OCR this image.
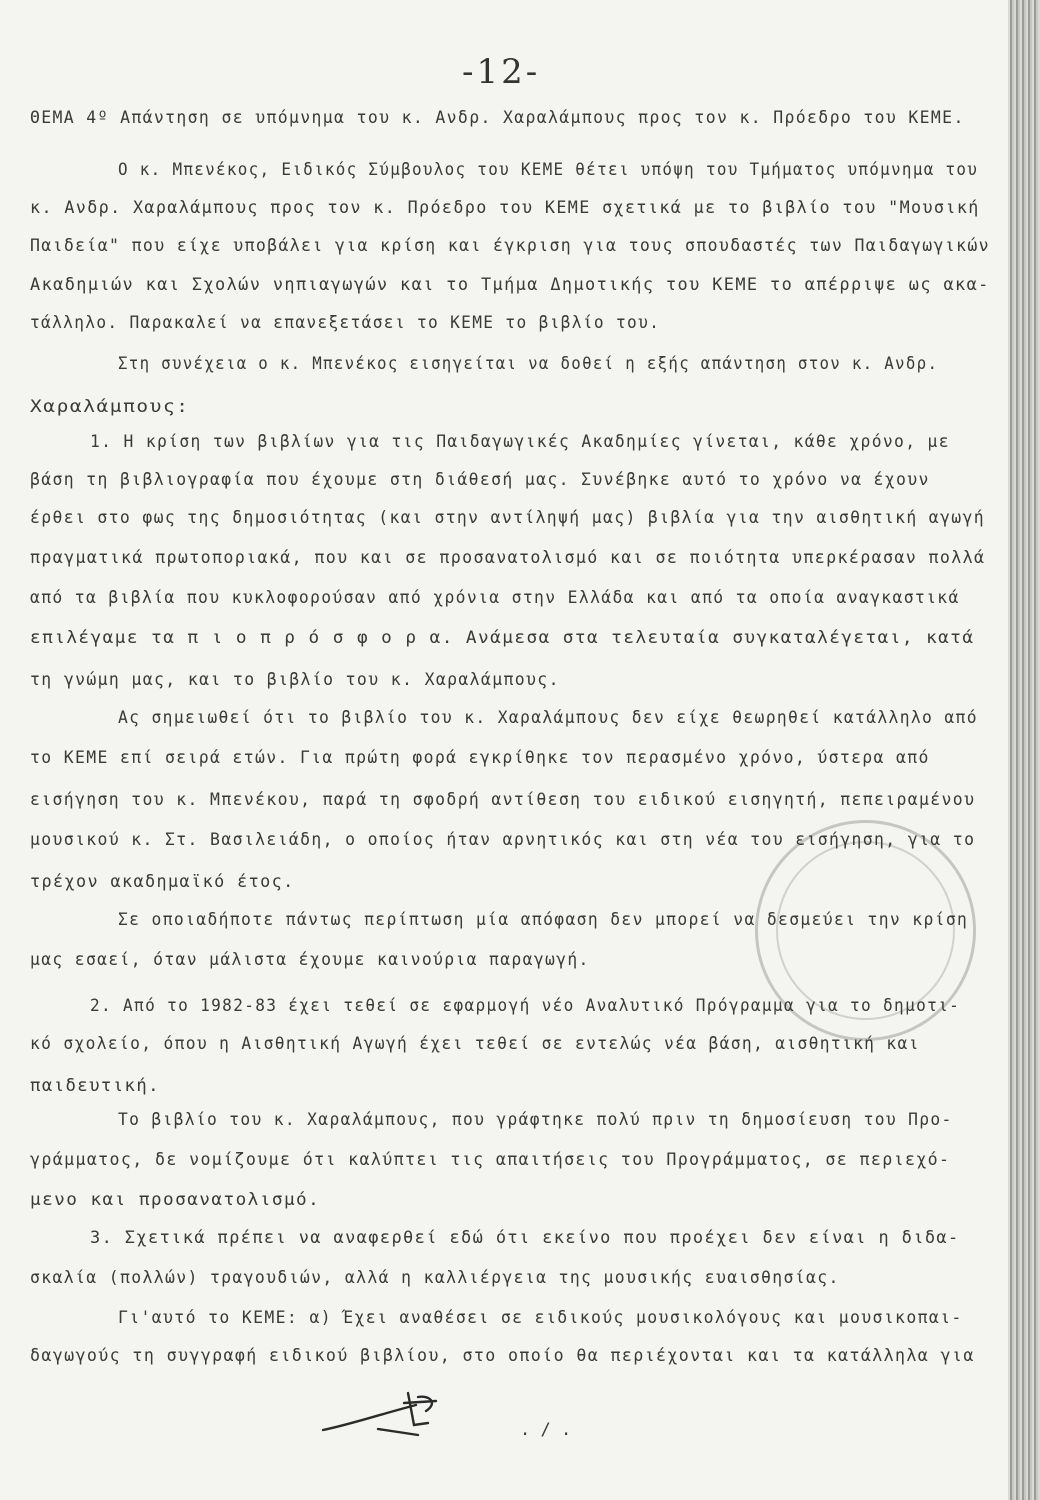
-12-
ΘΕΜΑ 4º Απάντηση σε υπόμνημα του κ. Ανδρ. Χαραλάμπους προς τον κ. Πρόεδρο του ΚΕΜΕ.
Ο κ. Μπενέκος, Ειδικός Σύμβουλος του ΚΕΜΕ θέτει υπόψη του Τμήματος υπόμνημα του
κ. Ανδρ. Χαραλάμπους προς τον κ. Πρόεδρο του ΚΕΜΕ σχετικά με το βιβλίο του "Μουσική
Παιδεία" που είχε υποβάλει για κρίση και έγκριση για τους σπουδαστές των Παιδαγωγικών
Ακαδημιών και Σχολών νηπιαγωγών και το Τμήμα Δημοτικής του ΚΕΜΕ το απέρριψε ως ακα-
τάλληλο. Παρακαλεί να επανεξετάσει το ΚΕΜΕ το βιβλίο του.
Στη συνέχεια ο κ. Μπενέκος εισηγείται να δοθεί η εξής απάντηση στον κ. Ανδρ.
Χαραλάμπους:
1. Η κρίση των βιβλίων για τις Παιδαγωγικές Ακαδημίες γίνεται, κάθε χρόνο, με
βάση τη βιβλιογραφία που έχουμε στη διάθεσή μας. Συνέβηκε αυτό το χρόνο να έχουν
έρθει στο φως της δημοσιότητας (και στην αντίληψή μας) βιβλία για την αισθητική αγωγή
πραγματικά πρωτοποριακά, που και σε προσανατολισμό και σε ποιότητα υπερκέρασαν πολλά
από τα βιβλία που κυκλοφορούσαν από χρόνια στην Ελλάδα και από τα οποία αναγκαστικά
επιλέγαμε τα π ι ο π ρ ό σ φ ο ρ α. Ανάμεσα στα τελευταία συγκαταλέγεται, κατά
τη γνώμη μας, και το βιβλίο του κ. Χαραλάμπους.
Ας σημειωθεί ότι το βιβλίο του κ. Χαραλάμπους δεν είχε θεωρηθεί κατάλληλο από
το ΚΕΜΕ επί σειρά ετών. Για πρώτη φορά εγκρίθηκε τον περασμένο χρόνο, ύστερα από
εισήγηση του κ. Μπενέκου, παρά τη σφοδρή αντίθεση του ειδικού εισηγητή, πεπειραμένου
μουσικού κ. Στ. Βασιλειάδη, ο οποίος ήταν αρνητικός και στη νέα του εισήγηση, για το
τρέχον ακαδημαϊκό έτος.
Σε οποιαδήποτε πάντως περίπτωση μία απόφαση δεν μπορεί να δεσμεύει την κρίση
μας εσαεί, όταν μάλιστα έχουμε καινούρια παραγωγή.
2. Από το 1982-83 έχει τεθεί σε εφαρμογή νέο Αναλυτικό Πρόγραμμα για το δημοτι-
κό σχολείο, όπου η Αισθητική Αγωγή έχει τεθεί σε εντελώς νέα βάση, αισθητική και
παιδευτική.
Το βιβλίο του κ. Χαραλάμπους, που γράφτηκε πολύ πριν τη δημοσίευση του Προ-
γράμματος, δε νομίζουμε ότι καλύπτει τις απαιτήσεις του Προγράμματος, σε περιεχό-
μενο και προσανατολισμό.
3. Σχετικά πρέπει να αναφερθεί εδώ ότι εκείνο που προέχει δεν είναι η διδα-
σκαλία (πολλών) τραγουδιών, αλλά η καλλιέργεια της μουσικής ευαισθησίας.
Γι'αυτό το ΚΕΜΕ: α) Έχει αναθέσει σε ειδικούς μουσικολόγους και μουσικοπαι-
δαγωγούς τη συγγραφή ειδικού βιβλίου, στο οποίο θα περιέχονται και τα κατάλληλα για
. / .
